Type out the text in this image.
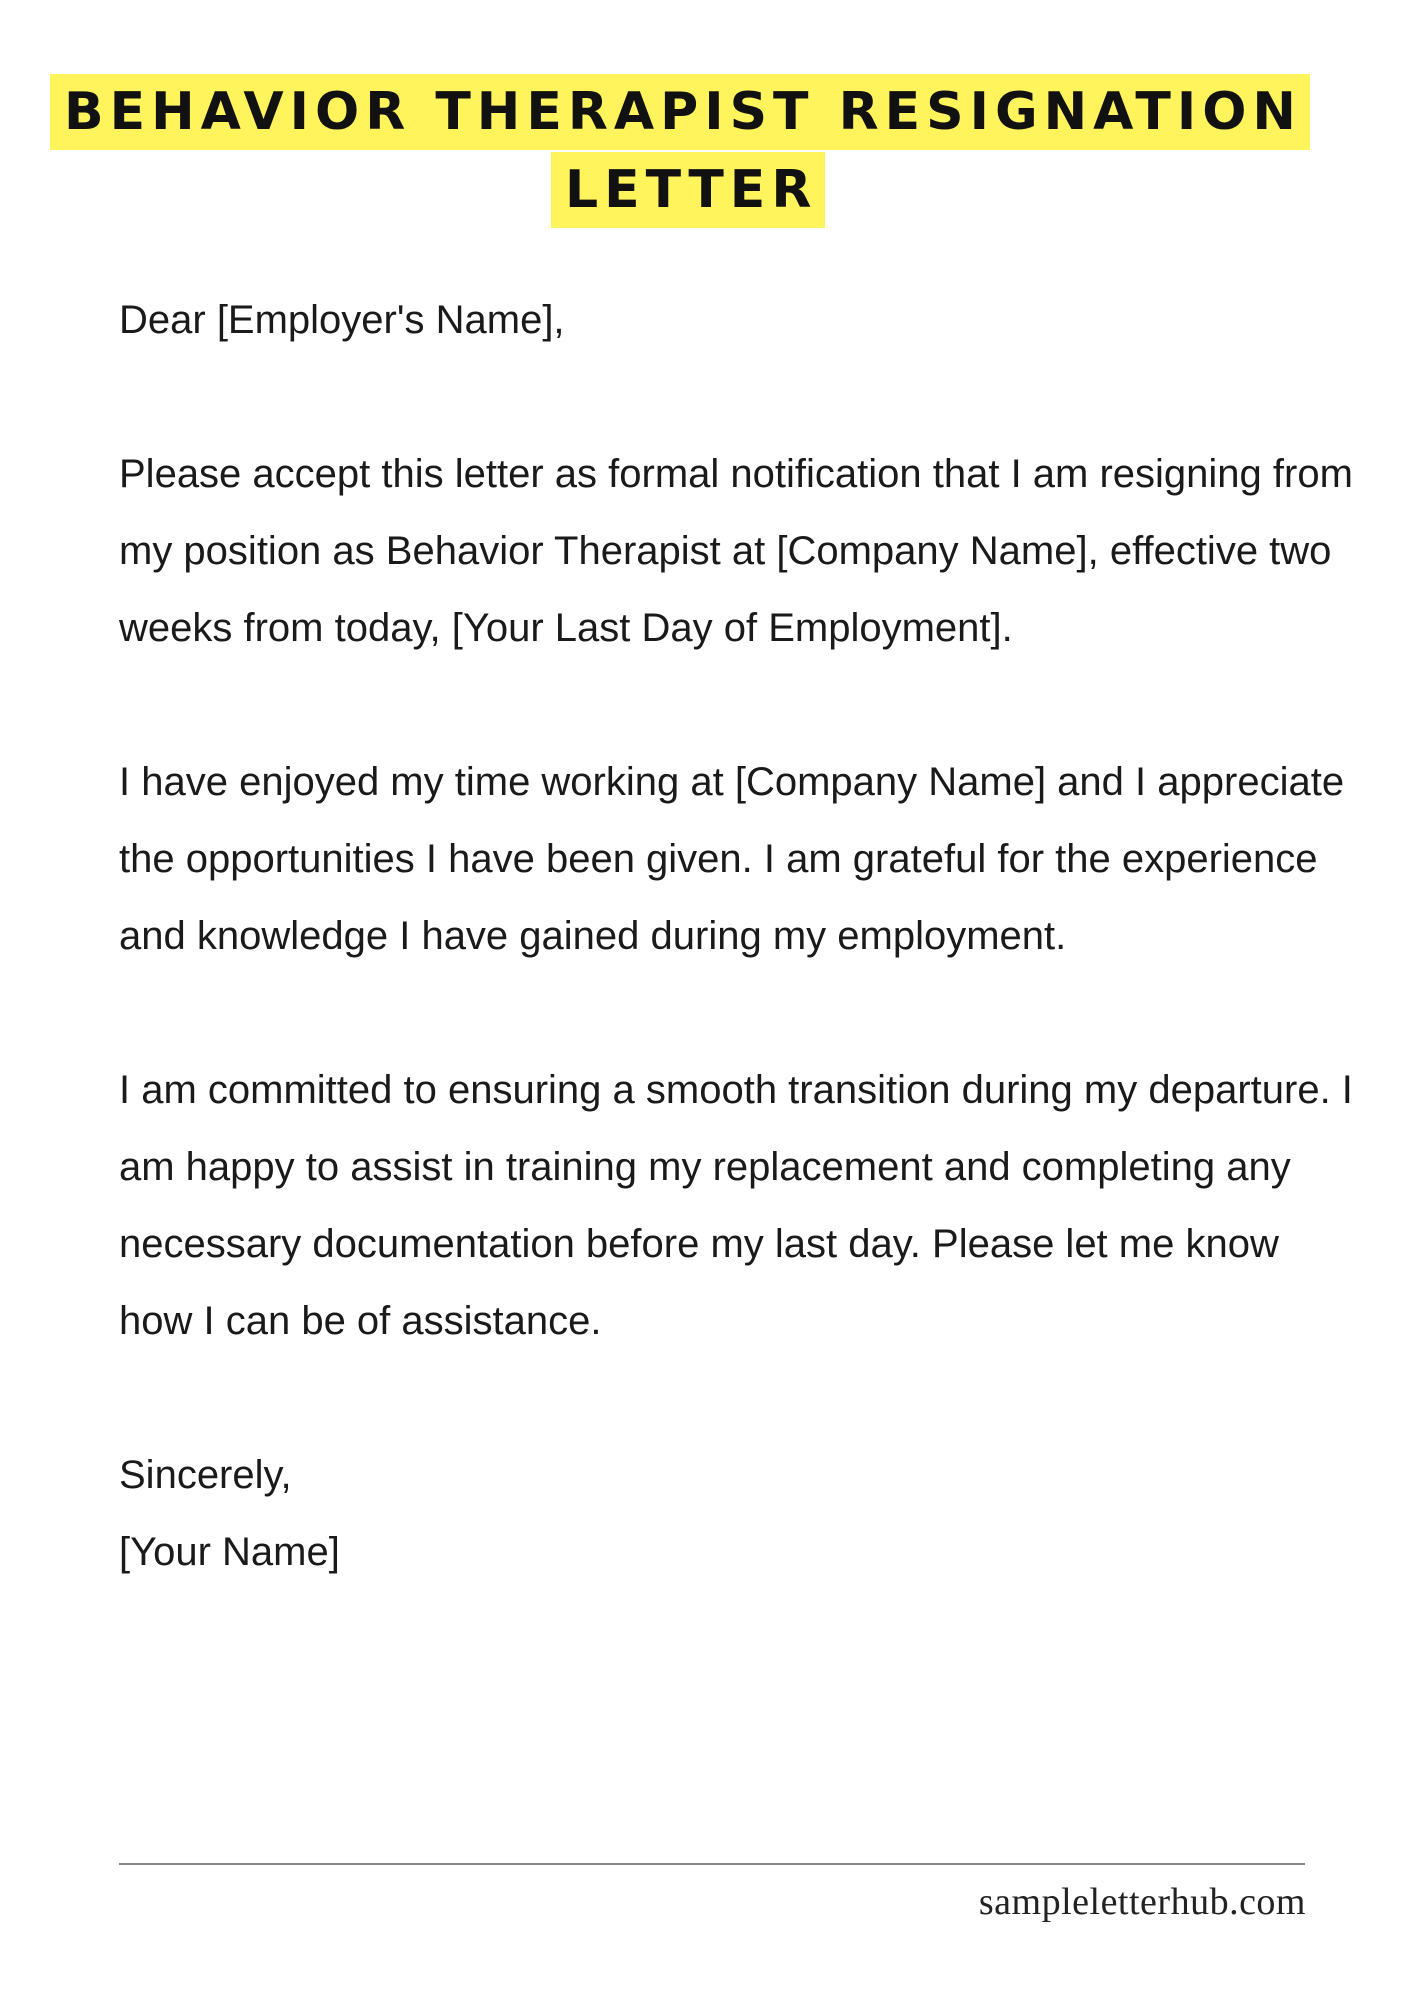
BEHAVIOR THERAPIST RESIGNATION
LETTER

Dear [Employer's Name],

Please accept this letter as formal notification that I am resigning from my position as Behavior Therapist at [Company Name], effective two weeks from today, [Your Last Day of Employment].

I have enjoyed my time working at [Company Name] and I appreciate the opportunities I have been given. I am grateful for the experience and knowledge I have gained during my employment.

I am committed to ensuring a smooth transition during my departure. I am happy to assist in training my replacement and completing any necessary documentation before my last day. Please let me know how I can be of assistance.

Sincerely,

[Your Name]

sampleletterhub.com
